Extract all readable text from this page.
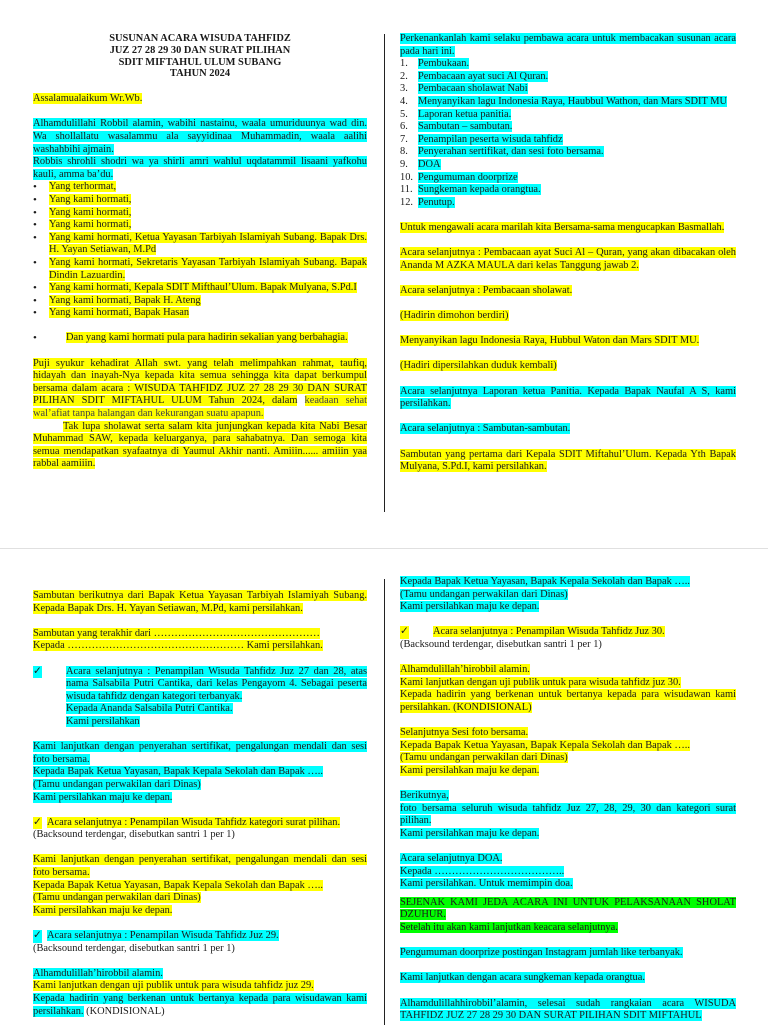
SUSUNAN ACARA WISUDA TAHFIDZ
JUZ 27 28 29 30 DAN SURAT PILIHAN
SDIT MIFTAHUL ULUM SUBANG
TAHUN 2024

Assalamualaikum Wr.Wb.

Alhamdulillahi Robbil alamin, wabihi nastainu, waala umuriduunya wad din. Wa shollallatu wasalammu ala sayyidinaa Muhammadin, waala aalihi washahbihi ajmain.

Robbis shrohli shodri wa ya shirli amri wahlul uqdatammil lisaani yafkohu kauli, amma ba’du.

• Yang terhormat,
• Yang kami hormati,
• Yang kami hormati,
• Yang kami hormati,
• Yang kami hormati, Ketua Yayasan Tarbiyah Islamiyah Subang. Bapak Drs. H. Yayan Setiawan, M.Pd
• Yang kami hormati, Sekretaris Yayasan Tarbiyah Islamiyah Subang. Bapak Dindin Lazuardin.
• Yang kami hormati, Kepala SDIT Mifthaul’Ulum. Bapak Mulyana, S.Pd.I
• Yang kami hormati, Bapak H. Ateng
• Yang kami hormati, Bapak Hasan
• Dan yang kami hormati pula para hadirin sekalian yang berbahagia.

Puji syukur kehadirat Allah swt. yang telah melimpahkan rahmat, taufiq, hidayah dan inayah-Nya kepada kita semua sehingga kita dapat berkumpul bersama dalam acara : WISUDA TAHFIDZ JUZ 27 28 29 30 DAN SURAT PILIHAN SDIT MIFTAHUL ULUM Tahun 2024, dalam keadaan sehat wal’afiat tanpa halangan dan kekurangan suatu apapun.

Tak lupa sholawat serta salam kita junjungkan kepada kita Nabi Besar Muhammad SAW, kepada keluarganya, para sahabatnya. Dan semoga kita semua mendapatkan syafaatnya di Yaumul Akhir nanti. Amiiin...... amiiin yaa rabbal aamiiin.

Perkenankanlah kami selaku pembawa acara untuk membacakan susunan acara pada hari ini.

1. Pembukaan.
2. Pembacaan ayat suci Al Quran.
3. Pembacaan sholawat Nabi
4. Menyanyikan lagu Indonesia Raya, Haubbul Wathon, dan Mars SDIT MU
5. Laporan ketua panitia.
6. Sambutan – sambutan.
7. Penampilan peserta wisuda tahfidz
8. Penyerahan sertifikat, dan sesi foto bersama.
9. DOA
10. Pengumuman doorprize
11. Sungkeman kepada orangtua.
12. Penutup.

Untuk mengawali acara marilah kita Bersama-sama mengucapkan Basmallah.

Acara selanjutnya : Pembacaan ayat Suci Al – Quran, yang akan dibacakan oleh Ananda M AZKA MAULA dari kelas Tanggung jawab 2.

Acara selanjutnya : Pembacaan sholawat.

(Hadirin dimohon berdiri)

Menyanyikan lagu Indonesia Raya, Hubbul Waton dan Mars SDIT MU.

(Hadiri dipersilahkan duduk kembali)

Acara selanjutnya Laporan ketua Panitia. Kepada Bapak Naufal A S, kami persilahkan.

Acara selanjutnya : Sambutan-sambutan.

Sambutan yang pertama dari Kepala SDIT Miftahul’Ulum. Kepada Yth Bapak Mulyana, S.Pd.I, kami persilahkan.

Sambutan berikutnya dari Bapak Ketua Yayasan Tarbiyah Islamiyah Subang. Kepada Bapak Drs. H. Yayan Setiawan, M.Pd, kami persilahkan.

Sambutan yang terakhir dari …………………………………………

Kepada …………………………………………… Kami persilahkan.

✓ Acara selanjutnya : Penampilan Wisuda Tahfidz Juz 27 dan 28, atas nama Salsabila Putri Cantika, dari kelas Pengayom 4. Sebagai peserta wisuda tahfidz dengan kategori terbanyak.
Kepada Ananda Salsabila Putri Cantika.
Kami persilahkan

Kami lanjutkan dengan penyerahan sertifikat, pengalungan mendali dan sesi foto bersama.

Kepada Bapak Ketua Yayasan, Bapak Kepala Sekolah dan Bapak …..

(Tamu undangan perwakilan dari Dinas)

Kami persilahkan maju ke depan.

✓ Acara selanjutnya : Penampilan Wisuda Tahfidz kategori surat pilihan.

(Backsound terdengar, disebutkan santri 1 per 1)

Kami lanjutkan dengan penyerahan sertifikat, pengalungan mendali dan sesi foto bersama.

Kepada Bapak Ketua Yayasan, Bapak Kepala Sekolah dan Bapak …..

(Tamu undangan perwakilan dari Dinas)

Kami persilahkan maju ke depan.

✓ Acara selanjutnya : Penampilan Wisuda Tahfidz Juz 29.

(Backsound terdengar, disebutkan santri 1 per 1)

Alhamdulillah’hirobbil alamin.

Kami lanjutkan dengan uji publik untuk para wisuda tahfidz juz 29.

Kepada hadirin yang berkenan untuk bertanya kepada para wisudawan kami persilahkan. (KONDISIONAL)

Kepada Bapak Ketua Yayasan, Bapak Kepala Sekolah dan Bapak …..

(Tamu undangan perwakilan dari Dinas)

Kami persilahkan maju ke depan.

✓ Acara selanjutnya : Penampilan Wisuda Tahfidz Juz 30.

(Backsound terdengar, disebutkan santri 1 per 1)

Alhamdulillah’hirobbil alamin.

Kami lanjutkan dengan uji publik untuk para wisuda tahfidz juz 30.

Kepada hadirin yang berkenan untuk bertanya kepada para wisudawan kami persilahkan. (KONDISIONAL)

Selanjutnya Sesi foto bersama.

Kepada Bapak Ketua Yayasan, Bapak Kepala Sekolah dan Bapak …..

(Tamu undangan perwakilan dari Dinas)

Kami persilahkan maju ke depan.

Berikutnya,

foto bersama seluruh wisuda tahfidz Juz 27, 28, 29, 30 dan kategori surat pilihan.

Kami persilahkan maju ke depan.

Acara selanjutnya DOA.

Kepada ………………………………..

Kami persilahkan. Untuk memimpin doa.

SEJENAK KAMI JEDA ACARA INI UNTUK PELAKSANAAN SHOLAT DZUHUR.

Setelah itu akan kami lanjutkan keacara selanjutnya.

Pengumuman doorprize postingan Instagram jumlah like terbanyak.

Kami lanjutkan dengan acara sungkeman kepada orangtua.

Alhamdulillahhirobbil’alamin, selesai sudah rangkaian acara WISUDA TAHFIDZ JUZ 27 28 29 30 DAN SURAT PILIHAN SDIT MIFTAHUL
